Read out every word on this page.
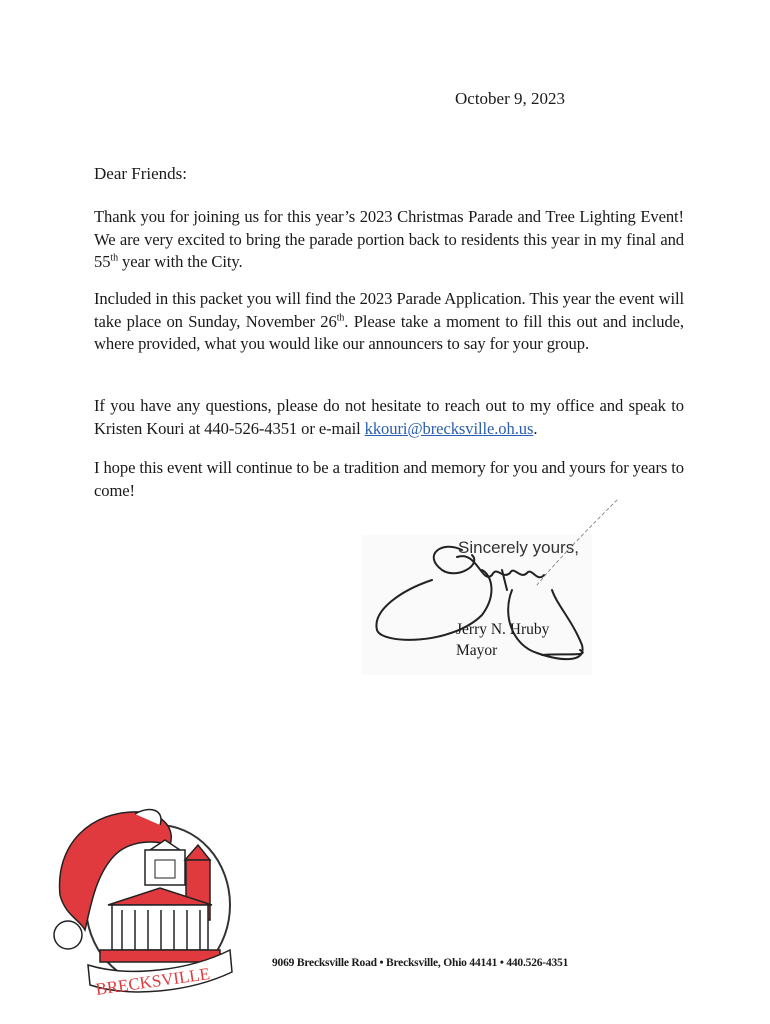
October 9, 2023
Dear Friends:
Thank you for joining us for this year’s 2023 Christmas Parade and Tree Lighting Event! We are very excited to bring the parade portion back to residents this year in my final and 55th year with the City.
Included in this packet you will find the 2023 Parade Application. This year the event will take place on Sunday, November 26th. Please take a moment to fill this out and include, where provided, what you would like our announcers to say for your group.
If you have any questions, please do not hesitate to reach out to my office and speak to Kristen Kouri at 440-526-4351 or e-mail kkouri@brecksville.oh.us.
I hope this event will continue to be a tradition and memory for you and yours for years to come!
Sincerely yours,
Jerry N. Hruby
Mayor
BRECKSVILLE
9069 Brecksville Road • Brecksville, Ohio 44141 • 440.526-4351
